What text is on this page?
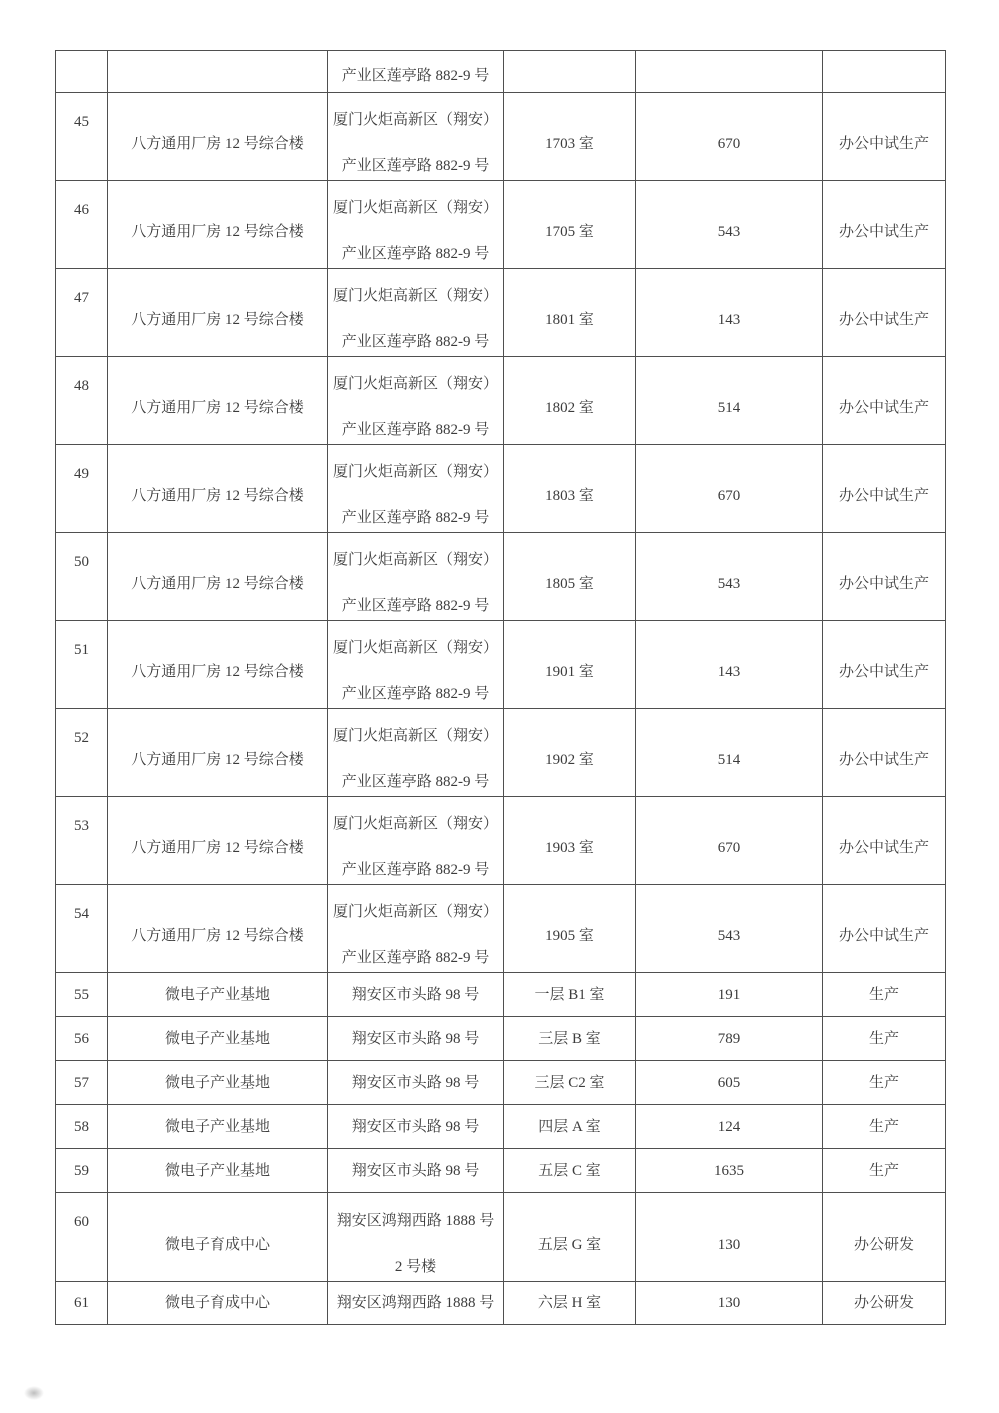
		产业区莲亭路 882-9 号			

45	八方通用厂房 12 号综合楼	厦门火炬高新区（翔安）
产业区莲亭路 882-9 号	1703 室	670	办公中试生产
46	八方通用厂房 12 号综合楼	厦门火炬高新区（翔安）
产业区莲亭路 882-9 号	1705 室	543	办公中试生产
47	八方通用厂房 12 号综合楼	厦门火炬高新区（翔安）
产业区莲亭路 882-9 号	1801 室	143	办公中试生产
48	八方通用厂房 12 号综合楼	厦门火炬高新区（翔安）
产业区莲亭路 882-9 号	1802 室	514	办公中试生产
49	八方通用厂房 12 号综合楼	厦门火炬高新区（翔安）
产业区莲亭路 882-9 号	1803 室	670	办公中试生产
50	八方通用厂房 12 号综合楼	厦门火炬高新区（翔安）
产业区莲亭路 882-9 号	1805 室	543	办公中试生产
51	八方通用厂房 12 号综合楼	厦门火炬高新区（翔安）
产业区莲亭路 882-9 号	1901 室	143	办公中试生产
52	八方通用厂房 12 号综合楼	厦门火炬高新区（翔安）
产业区莲亭路 882-9 号	1902 室	514	办公中试生产
53	八方通用厂房 12 号综合楼	厦门火炬高新区（翔安）
产业区莲亭路 882-9 号	1903 室	670	办公中试生产
54	八方通用厂房 12 号综合楼	厦门火炬高新区（翔安）
产业区莲亭路 882-9 号	1905 室	543	办公中试生产
55	微电子产业基地	翔安区市头路 98 号	一层 B1 室	191	生产
56	微电子产业基地	翔安区市头路 98 号	三层 B 室	789	生产
57	微电子产业基地	翔安区市头路 98 号	三层 C2 室	605	生产
58	微电子产业基地	翔安区市头路 98 号	四层 A 室	124	生产
59	微电子产业基地	翔安区市头路 98 号	五层 C 室	1635	生产
60	微电子育成中心	翔安区鸿翔西路 1888 号
2 号楼	五层 G 室	130	办公研发
61	微电子育成中心	翔安区鸿翔西路 1888 号	六层 H 室	130	办公研发
